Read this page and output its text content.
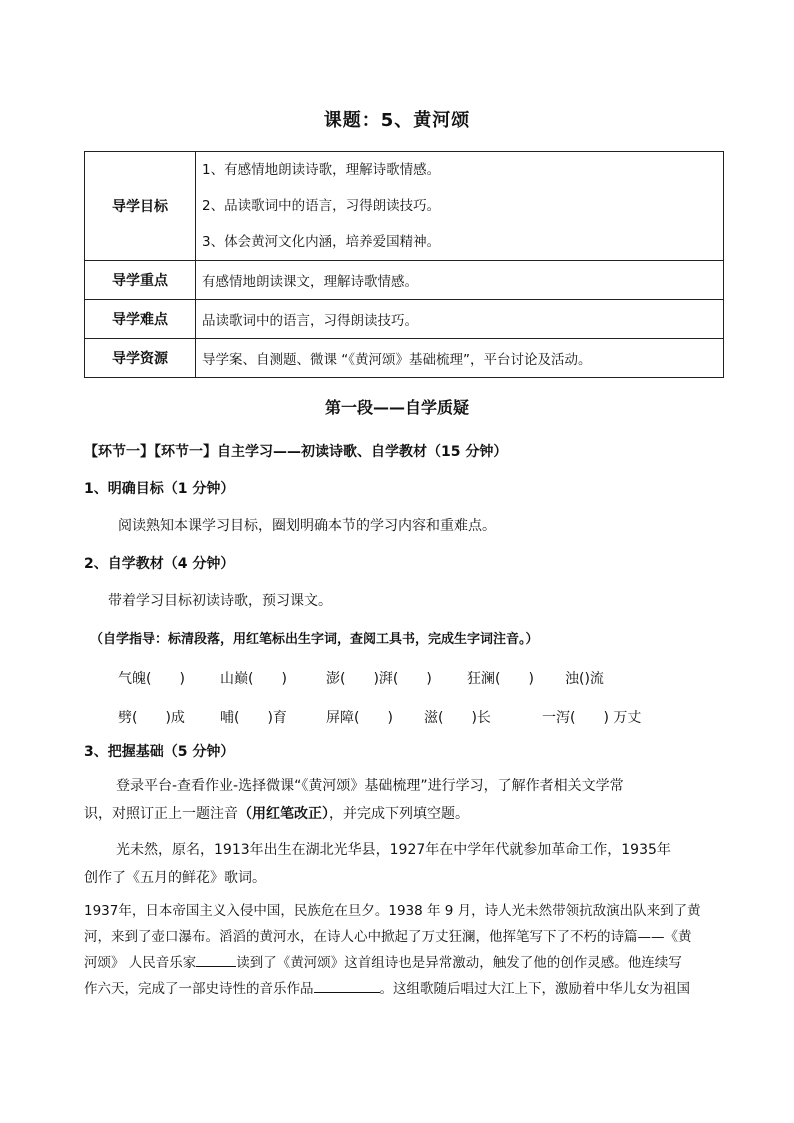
课题：5、黄河颂
导学目标	1、有感情地朗读诗歌，理解诗歌情感。
2、品读歌词中的语言，习得朗读技巧。
3、体会黄河文化内涵，培养爱国精神。

导学重点	有感情地朗读课文，理解诗歌情感。
导学难点	品读歌词中的语言，习得朗读技巧。
导学资源	导学案、自测题、微课 “《黄河颂》基础梳理”，平台讨论及活动。
第一段——自学质疑
【环节一】【环节一】自主学习——初读诗歌、自学教材（15 分钟）
1、明确目标（1 分钟）
阅读熟知本课学习目标，圈划明确本节的学习内容和重难点。
2、自学教材（4 分钟）
带着学习目标初读诗歌，预习课文。
（自学指导：标清段落，用红笔标出生字词，查阅工具书，完成生字词注音。）
气魄(　　)	山巅(　　)	澎(　　)湃(　　)	狂澜(　　) 浊()流
劈(　　)成	哺(　　)育	屏障(　　) 滋(　　)长	一泻(　　) 万丈
3、把握基础（5 分钟）
登录平台-查看作业-选择微课“《黄河颂》基础梳理”进行学习，了解作者相关文学常
识，对照订正上一题注音（用红笔改正），并完成下列填空题。
光未然，原名，1913年出生在湖北光华县，1927年在中学年代就参加革命工作，1935年
创作了《五月的鲜花》歌词。
1937年，日本帝国主义入侵中国，民族危在旦夕。1938 年 9 月，诗人光未然带领抗敌演出队来到了黄
河，来到了壶口瀑布。滔滔的黄河水，在诗人心中掀起了万丈狂澜，他挥笔写下了不朽的诗篇——《黄
河颂》 人民音乐家	读到了《黄河颂》这首组诗也是异常激动，触发了他的创作灵感。他连续写
作六天，完成了一部史诗性的音乐作品	。这组歌随后唱过大江上下，激励着中华儿女为祖国
